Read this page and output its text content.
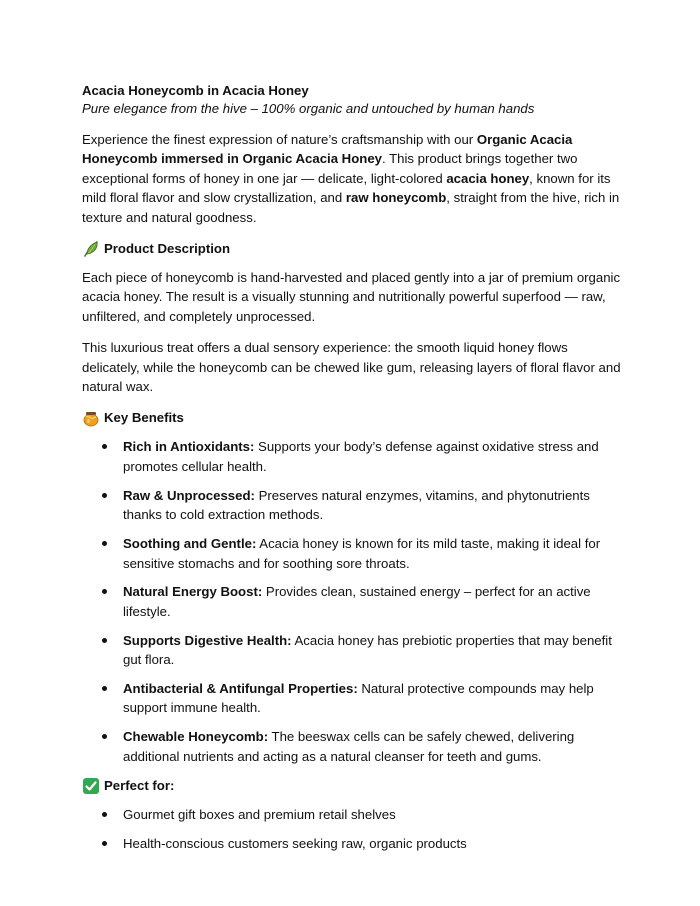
Acacia Honeycomb in Acacia Honey

Pure elegance from the hive – 100% organic and untouched by human hands

Experience the finest expression of nature’s craftsmanship with our Organic Acacia Honeycomb immersed in Organic Acacia Honey. This product brings together two exceptional forms of honey in one jar — delicate, light-colored acacia honey, known for its mild floral flavor and slow crystallization, and raw honeycomb, straight from the hive, rich in texture and natural goodness.

Product Description

Each piece of honeycomb is hand-harvested and placed gently into a jar of premium organic acacia honey. The result is a visually stunning and nutritionally powerful superfood — raw, unfiltered, and completely unprocessed.

This luxurious treat offers a dual sensory experience: the smooth liquid honey flows delicately, while the honeycomb can be chewed like gum, releasing layers of floral flavor and natural wax.

Key Benefits
Rich in Antioxidants: Supports your body’s defense against oxidative stress and promotes cellular health.
Raw & Unprocessed: Preserves natural enzymes, vitamins, and phytonutrients thanks to cold extraction methods.
Soothing and Gentle: Acacia honey is known for its mild taste, making it ideal for sensitive stomachs and for soothing sore throats.
Natural Energy Boost: Provides clean, sustained energy – perfect for an active lifestyle.
Supports Digestive Health: Acacia honey has prebiotic properties that may benefit gut flora.
Antibacterial & Antifungal Properties: Natural protective compounds may help support immune health.
Chewable Honeycomb: The beeswax cells can be safely chewed, delivering additional nutrients and acting as a natural cleanser for teeth and gums.
Perfect for:
Gourmet gift boxes and premium retail shelves
Health-conscious customers seeking raw, organic products
